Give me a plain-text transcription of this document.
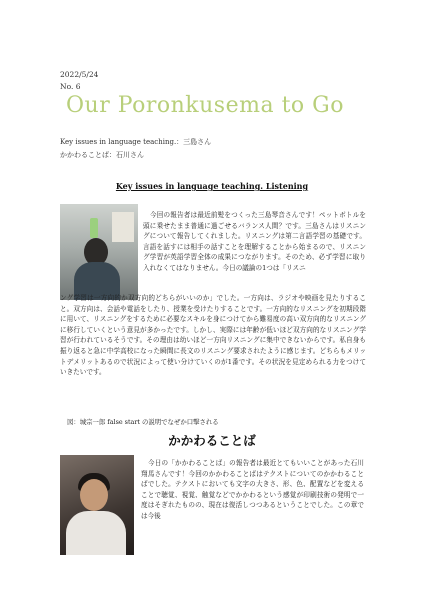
2022/5/24
No. 6
Our Poronkusema to Go
Key issues in language teaching.：三島さん
かかわることば：石川さん
Key issues in language teaching. Listening

今回の報告者は最近前髪をつくった三島琴音さんです！ペットボトルを頭に乗せたまま普通に過ごせるバランス人間？です。三島さんはリスニングについて報告してくれました。リスニングは第二言語学習の基礎です。言語を話すには相手の話すことを理解することから始まるので、リスニング学習が英語学習全体の成果につながります。そのため、必ず学習に取り入れなくてはなりません。今日の議論の1つは「リスニ

ング学習は一方向的か双方向的どちらがいいのか」でした。一方向は、ラジオや映画を見たりすること。双方向は、会話や電話をしたり、授業を受けたりすることです。一方向的なリスニングを初期段階に用いて、リスニングをするために必要なスキルを身につけてから難易度の高い双方向的なリスニングに移行していくという意見が多かったです。しかし、実際には年齢が低いほど双方向的なリスニング学習が行われているそうです。その理由は幼いほど一方向リスニングに集中できないからです。私自身も振り返ると急に中学高校になった瞬間に長文のリスニング要求されたように感じます。どちらもメリットデメリットあるので状況によって使い分けていくのが1番です。その状況を見定められる力をつけていきたいです。

図：城宗一郎 false start の説明でなぜか口撃される
かかわることば

今日の「かかわることば」の報告者は最近とてもいいことがあった石川翔馬さんです！今回のかかわることばはテクストについてのかかわることばでした。テクストにおいても文字の大きさ、形、色、配置などを変えることで聴覚、視覚、触覚などでかかわるという感覚が印刷技術の発明で一度はそぎれたものの、現在は復活しつつあるということでした。この章では今後
